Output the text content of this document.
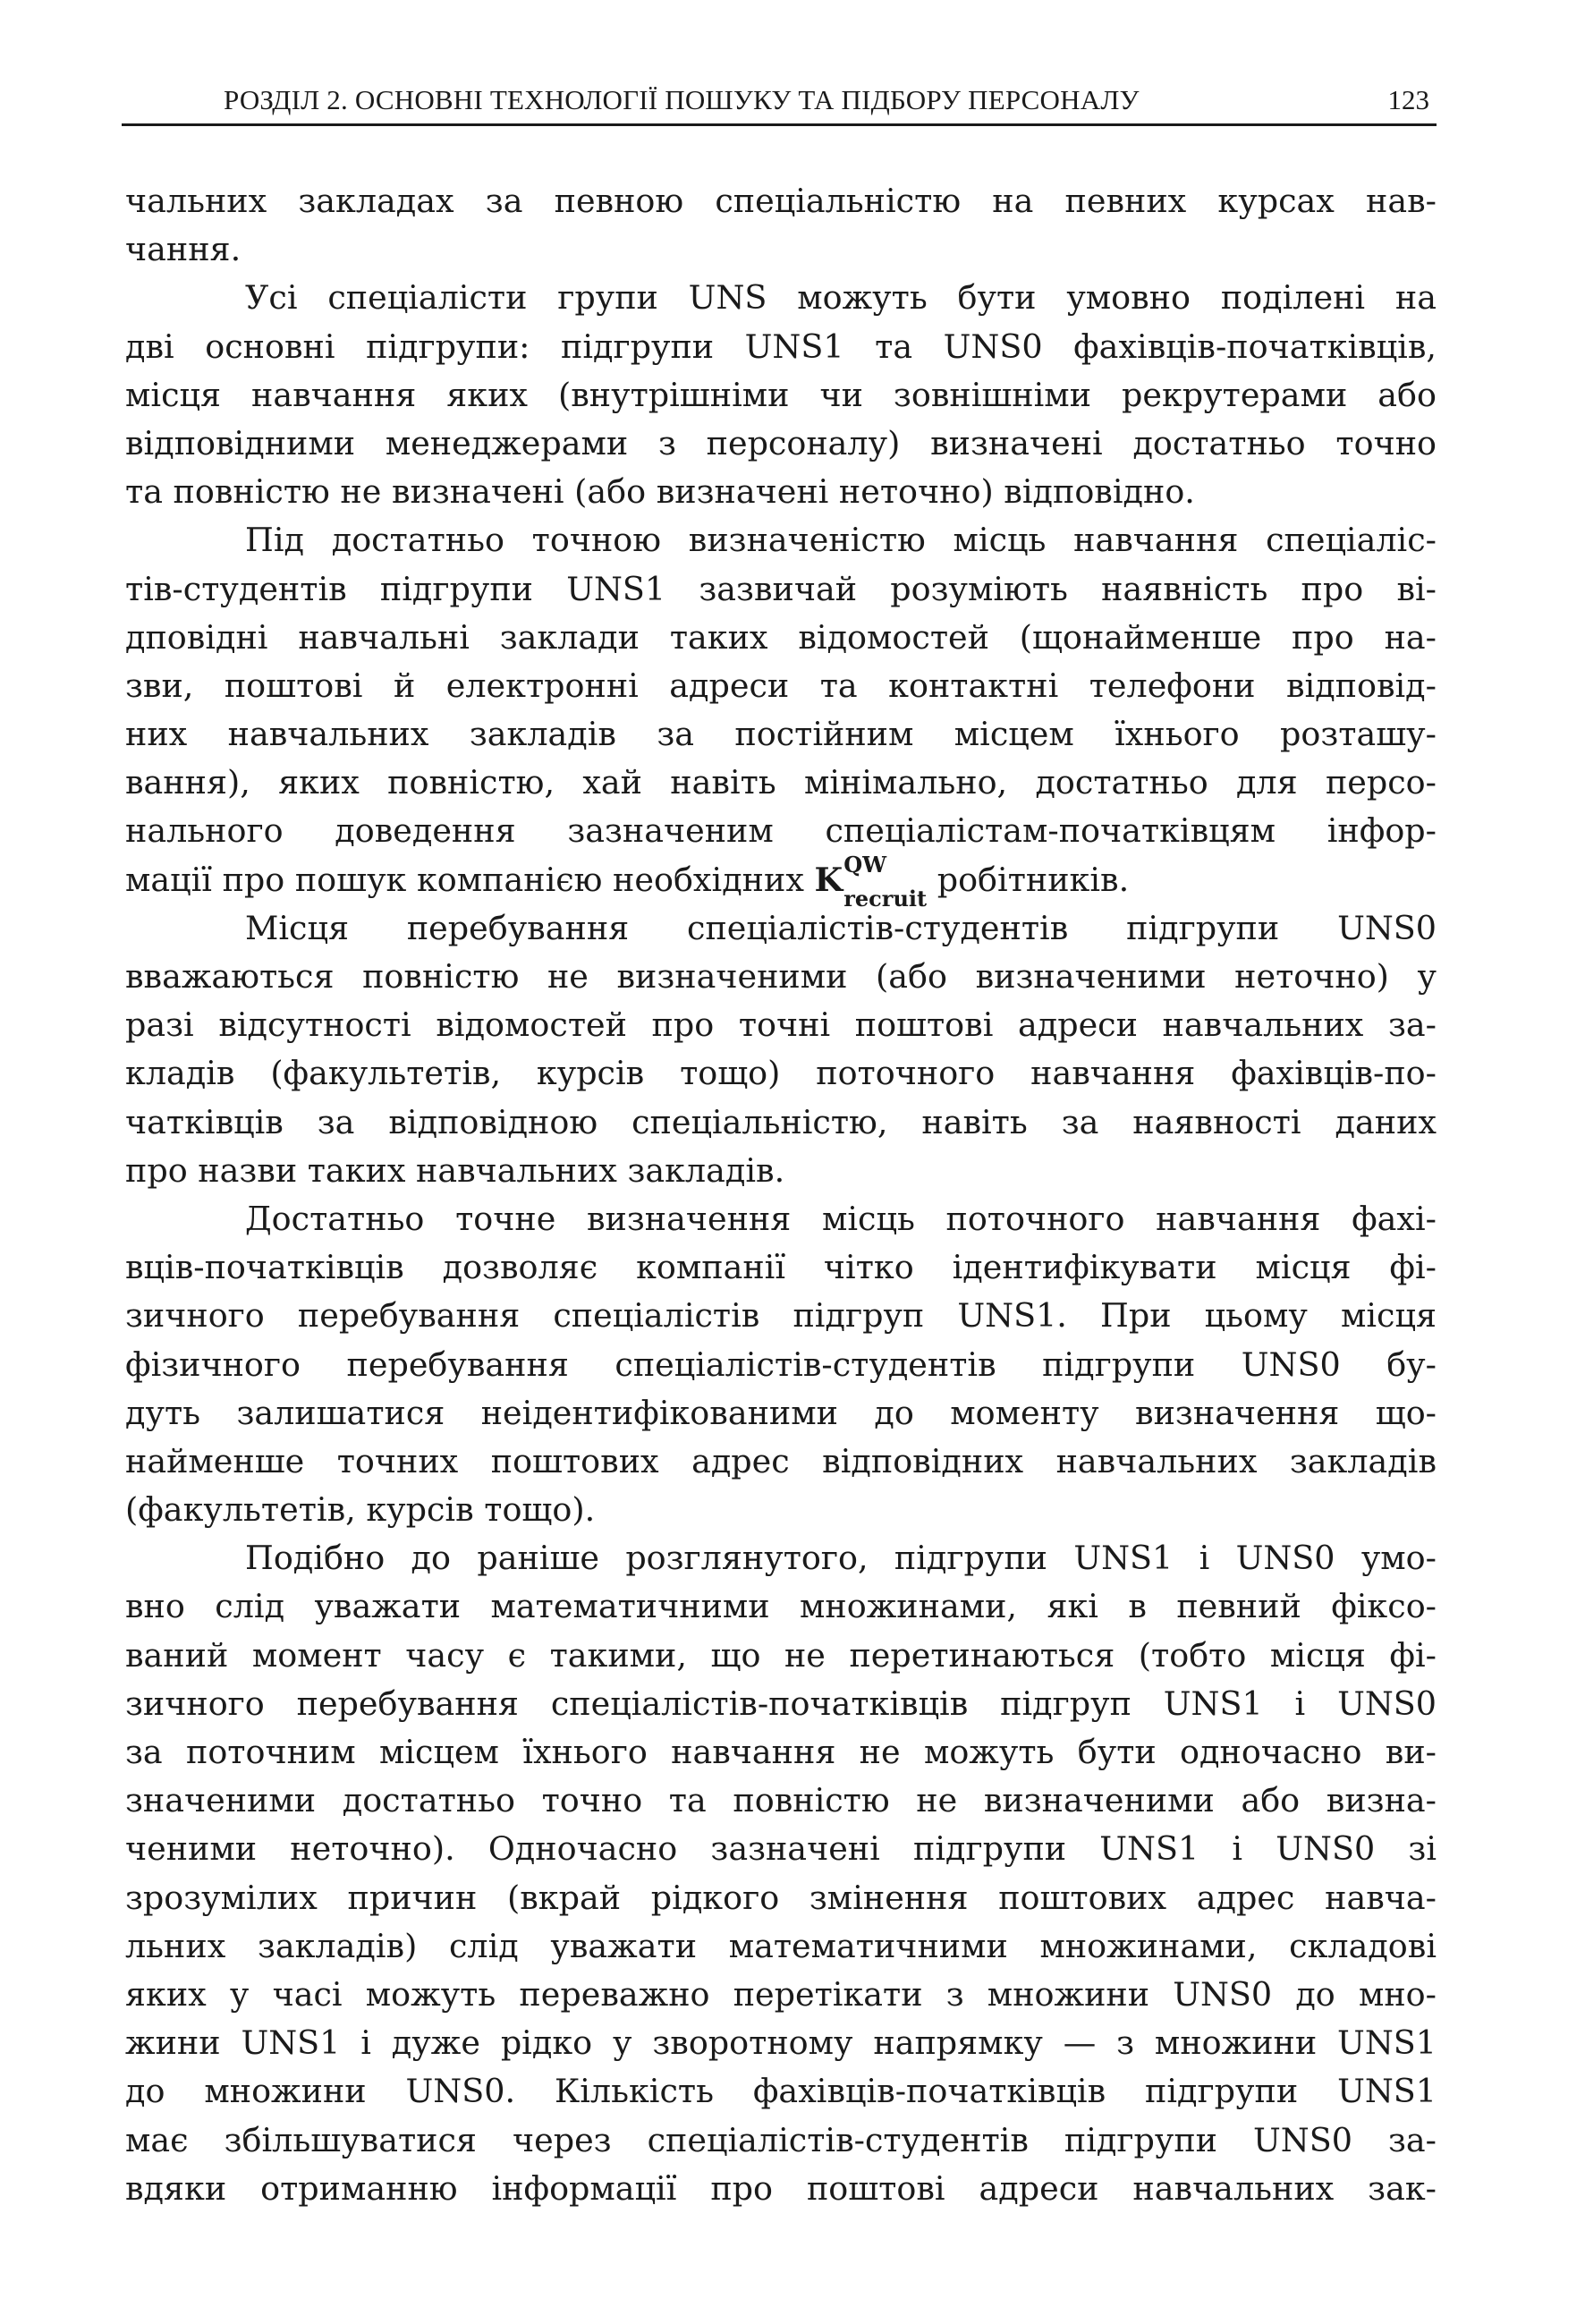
РОЗДІЛ 2. ОСНОВНІ ТЕХНОЛОГІЇ ПОШУКУ ТА ПІДБОРУ ПЕРСОНАЛУ	123
чальних закладах за певною спеціальністю на певних курсах нав-
чання.
Усі спеціалісти групи UNS можуть бути умовно поділені на
дві основні підгрупи: підгрупи UNS1 та UNS0 фахівців-початківців,
місця навчання яких (внутрішніми чи зовнішніми рекрутерами або
відповідними менеджерами з персоналу) визначені достатньо точно
та повністю не визначені (або визначені неточно) відповідно.
Під достатньо точною визначеністю місць навчання спеціаліс-
тів-студентів підгрупи UNS1 зазвичай розуміють наявність про ві-
дповідні навчальні заклади таких відомостей (щонайменше про на-
зви, поштові й електронні адреси та контактні телефони відповід-
них навчальних закладів за постійним місцем їхнього розташу-
вання), яких повністю, хай навіть мінімально, достатньо для персо-
нального доведення зазначеним спеціалістам-початківцям інфор-
мації про пошук компанією необхідних K QW
recruit робітників.
Місця перебування спеціалістів-студентів підгрупи UNS0
вважаються повністю не визначеними (або визначеними неточно) у
разі відсутності відомостей про точні поштові адреси навчальних за-
кладів (факультетів, курсів тощо) поточного навчання фахівців-по-
чатківців за відповідною спеціальністю, навіть за наявності даних
про назви таких навчальних закладів.
Достатньо точне визначення місць поточного навчання фахі-
вців-початківців дозволяє компанії чітко ідентифікувати місця фі-
зичного перебування спеціалістів підгруп UNS1. При цьому місця
фізичного перебування спеціалістів-студентів підгрупи UNS0 бу-
дуть залишатися неідентифікованими до моменту визначення що-
найменше точних поштових адрес відповідних навчальних закладів
(факультетів, курсів тощо).
Подібно до раніше розглянутого, підгрупи UNS1 і UNS0 умо-
вно слід уважати математичними множинами, які в певний фіксо-
ваний момент часу є такими, що не перетинаються (тобто місця фі-
зичного перебування спеціалістів-початківців підгруп UNS1 і UNS0
за поточним місцем їхнього навчання не можуть бути одночасно ви-
значеними достатньо точно та повністю не визначеними або визна-
ченими неточно). Одночасно зазначені підгрупи UNS1 і UNS0 зі
зрозумілих причин (вкрай рідкого змінення поштових адрес навча-
льних закладів) слід уважати математичними множинами, складові
яких у часі можуть переважно перетікати з множини UNS0 до мно-
жини UNS1 і дуже рідко у зворотному напрямку — з множини UNS1
до множини UNS0. Кількість фахівців-початківців підгрупи UNS1
має збільшуватися через спеціалістів-студентів підгрупи UNS0 за-
вдяки отриманню інформації про поштові адреси навчальних зак-
